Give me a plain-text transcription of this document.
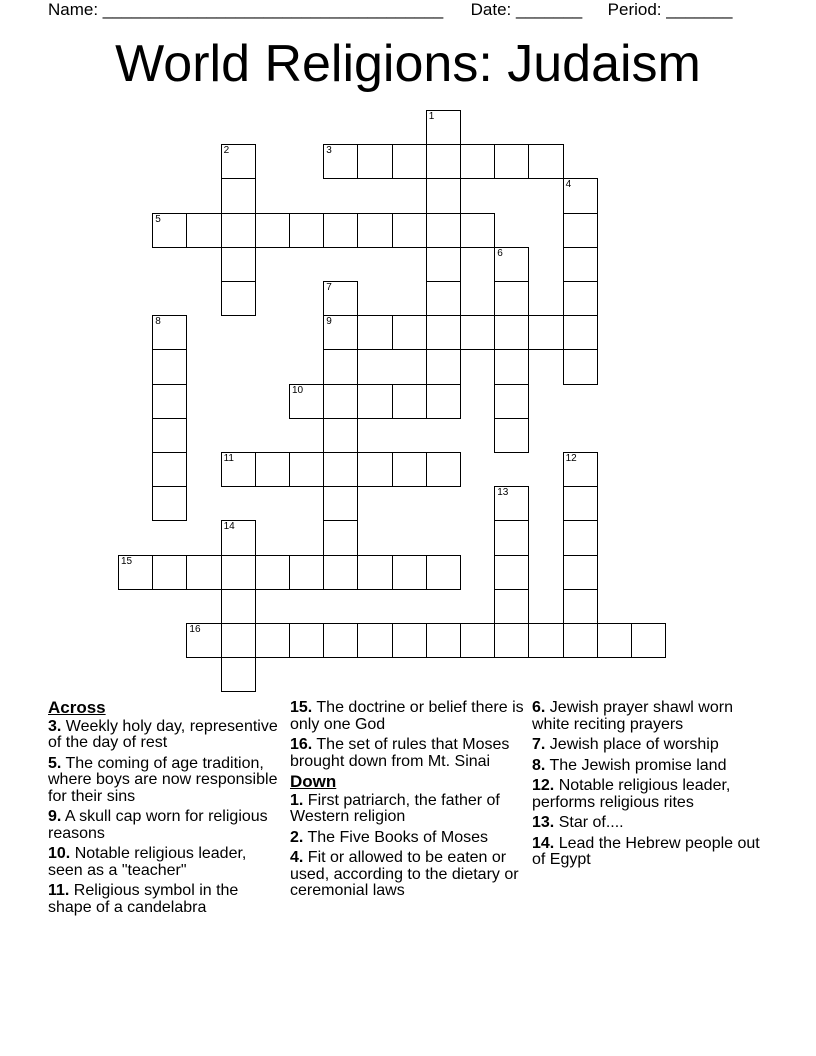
Name: ____________________________________ Date: _______ Period: _______
World Religions: Judaism
1
2	3
4
5
6
7
9
8
10
11	12
13
14
15
16
Across
3. Weekly holy day, representive of the day of rest
5. The coming of age tradition, where boys are now responsible for their sins
9. A skull cap worn for religious reasons
10. Notable religious leader, seen as a "teacher"
11. Religious symbol in the shape of a candelabra
15. The doctrine or belief there is only one God
16. The set of rules that Moses brought down from Mt. Sinai
Down
1. First patriarch, the father of Western religion
2. The Five Books of Moses
4. Fit or allowed to be eaten or used, according to the dietary or ceremonial laws
6. Jewish prayer shawl worn white reciting prayers
7. Jewish place of worship
8. The Jewish promise land
12. Notable religious leader, performs religious rites
13. Star of....
14. Lead the Hebrew people out of Egypt
